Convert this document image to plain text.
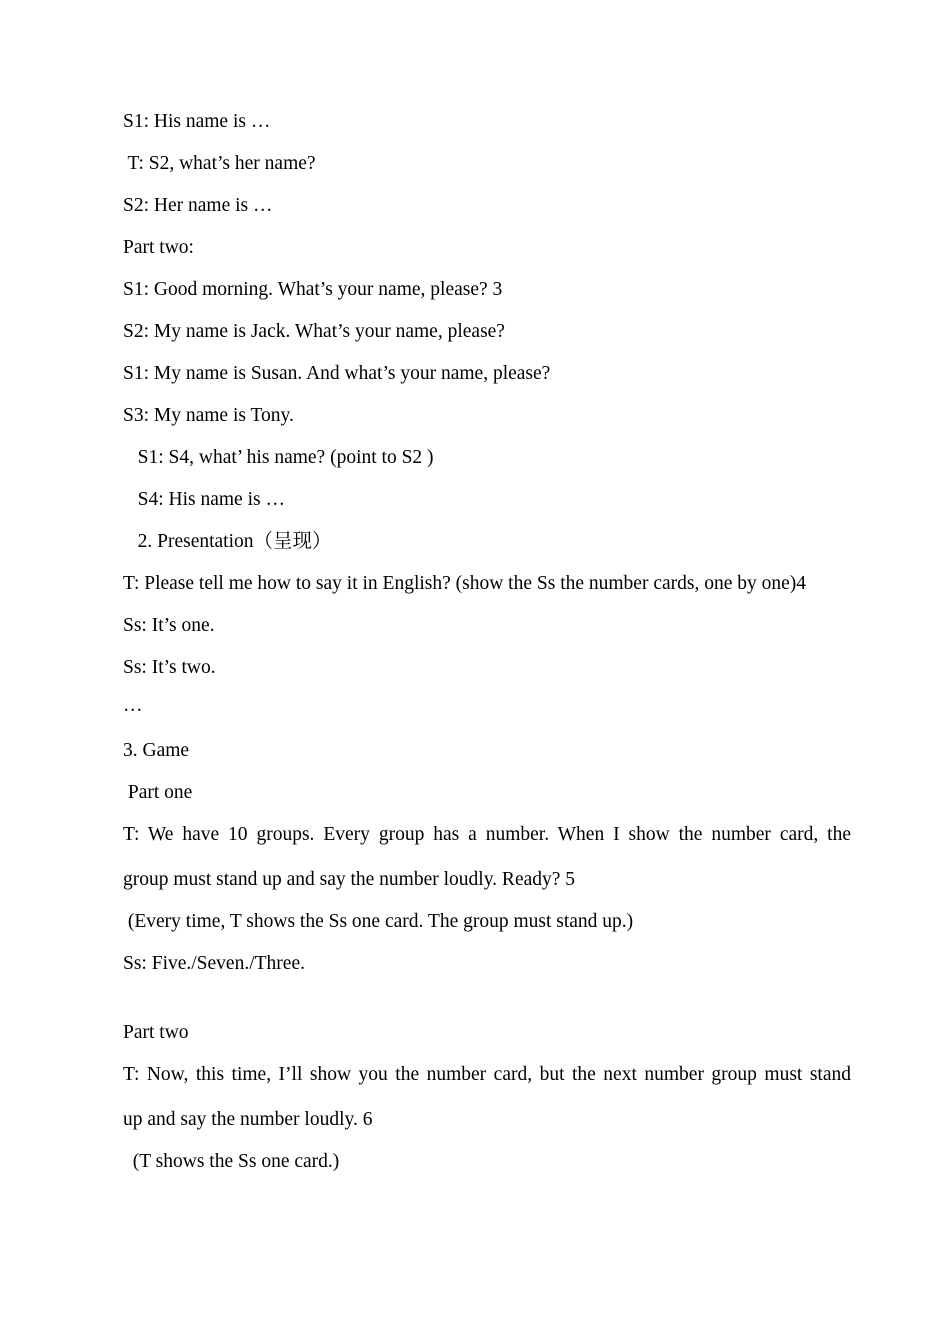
S1: His name is …
T: S2, what’s her name?
S2: Her name is …
Part two:
S1: Good morning. What’s your name, please? 3
S2: My name is Jack. What’s your name, please?
S1: My name is Susan. And what’s your name, please?
S3: My name is Tony.
S1: S4, what’ his name? (point to S2 )
S4: His name is …
2. Presentation（呈现）
T: Please tell me how to say it in English? (show the Ss the number cards, one by one)4
Ss: It’s one.
Ss: It’s two.
…
3. Game
Part one
T: We have 10 groups. Every group has a number. When I show the number card, the
group must stand up and say the number loudly. Ready? 5
(Every time, T shows the Ss one card. The group must stand up.)
Ss: Five./Seven./Three.
Part two
T: Now, this time, I’ll show you the number card, but the next number group must stand
up and say the number loudly. 6
(T shows the Ss one card.)
